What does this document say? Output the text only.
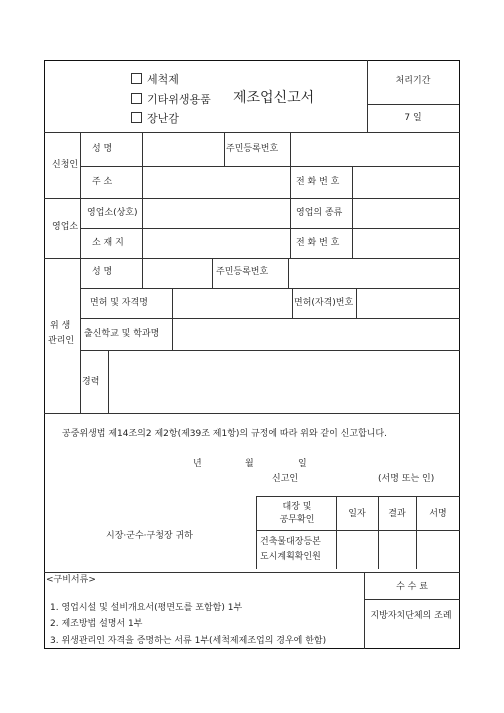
세척제
기타위생용품
장난감
제조업신고서
처리기간
7 일
신청인
성 명	주민등록번호
주 소	전 화 번 호
영업소
영업소(상호)	영업의 종류
소 재 지	전 화 번 호
위 생
관리인
성 명	주민등록번호
면허 및 자격명	면허(자격)번호
출신학교 및 학과명
경력
공중위생법 제14조의2 제2항(제39조 제1항)의 규정에 따라 위와 같이 신고합니다.
년	월	일
신고인	(서명 또는 인)
시장·군수·구청장 귀하
대장 및
공무확인
일자	결과	서명
건축물대장등본
도시계획확인원
<구비서류>
1. 영업시설 및 설비개요서(평면도를 포함함) 1부
2. 제조방법 설명서 1부
3. 위생관리인 자격을 증명하는 서류 1부(세척제제조업의 경우에 한함)
수 수 료
지방자치단체의 조례
